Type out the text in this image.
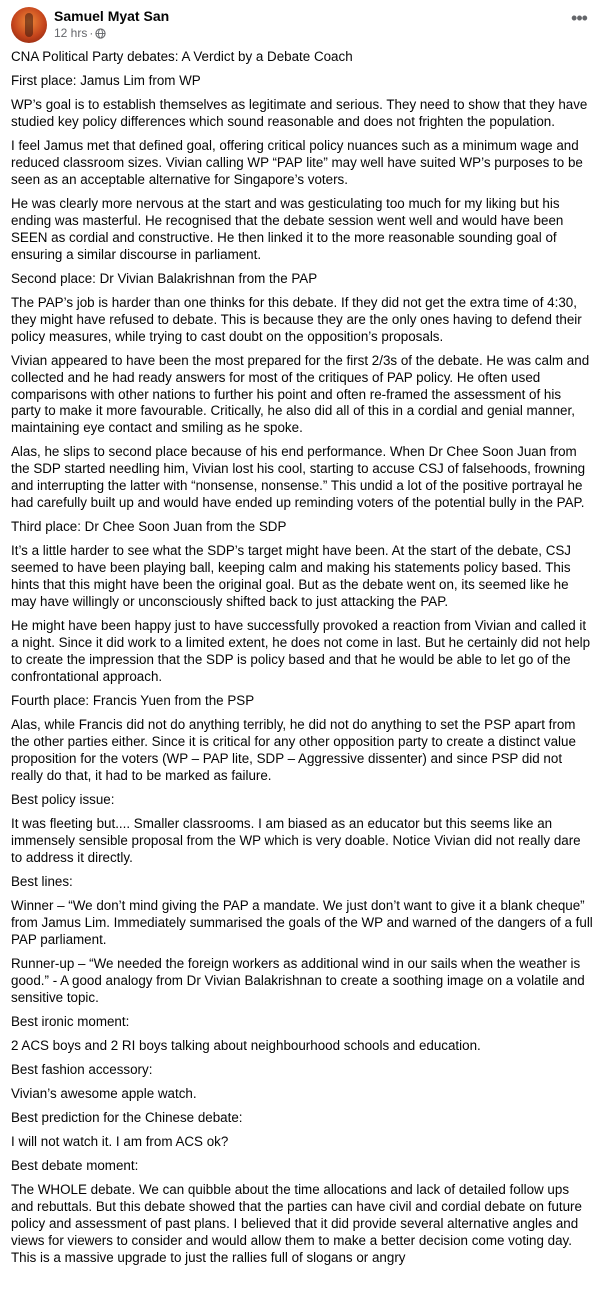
Samuel Myat San
12 hrs ·
•••

CNA Political Party debates: A Verdict by a Debate Coach

First place: Jamus Lim from WP

WP’s goal is to establish themselves as legitimate and serious. They need to show that they have studied key policy differences which sound reasonable and does not frighten the population.

I feel Jamus met that defined goal, offering critical policy nuances such as a minimum wage and reduced classroom sizes. Vivian calling WP “PAP lite” may well have suited WP’s purposes to be seen as an acceptable alternative for Singapore’s voters.

He was clearly more nervous at the start and was gesticulating too much for my liking but his ending was masterful. He recognised that the debate session went well and would have been SEEN as cordial and constructive. He then linked it to the more reasonable sounding goal of ensuring a similar discourse in parliament.

Second place: Dr Vivian Balakrishnan from the PAP

The PAP’s job is harder than one thinks for this debate. If they did not get the extra time of 4:30, they might have refused to debate. This is because they are the only ones having to defend their policy measures, while trying to cast doubt on the opposition’s proposals.

Vivian appeared to have been the most prepared for the first 2/3s of the debate. He was calm and collected and he had ready answers for most of the critiques of PAP policy. He often used comparisons with other nations to further his point and often re-framed the assessment of his party to make it more favourable. Critically, he also did all of this in a cordial and genial manner, maintaining eye contact and smiling as he spoke.

Alas, he slips to second place because of his end performance. When Dr Chee Soon Juan from the SDP started needling him, Vivian lost his cool, starting to accuse CSJ of falsehoods, frowning and interrupting the latter with “nonsense, nonsense.” This undid a lot of the positive portrayal he had carefully built up and would have ended up reminding voters of the potential bully in the PAP.

Third place: Dr Chee Soon Juan from the SDP

It’s a little harder to see what the SDP’s target might have been. At the start of the debate, CSJ seemed to have been playing ball, keeping calm and making his statements policy based. This hints that this might have been the original goal. But as the debate went on, its seemed like he may have willingly or unconsciously shifted back to just attacking the PAP.

He might have been happy just to have successfully provoked a reaction from Vivian and called it a night. Since it did work to a limited extent, he does not come in last. But he certainly did not help to create the impression that the SDP is policy based and that he would be able to let go of the confrontational approach.

Fourth place: Francis Yuen from the PSP

Alas, while Francis did not do anything terribly, he did not do anything to set the PSP apart from the other parties either. Since it is critical for any other opposition party to create a distinct value proposition for the voters (WP – PAP lite, SDP – Aggressive dissenter) and since PSP did not really do that, it had to be marked as failure.

Best policy issue:

It was fleeting but.... Smaller classrooms. I am biased as an educator but this seems like an immensely sensible proposal from the WP which is very doable. Notice Vivian did not really dare to address it directly.

Best lines:

Winner – “We don’t mind giving the PAP a mandate. We just don’t want to give it a blank cheque” from Jamus Lim. Immediately summarised the goals of the WP and warned of the dangers of a full PAP parliament.

Runner-up – “We needed the foreign workers as additional wind in our sails when the weather is good.” - A good analogy from Dr Vivian Balakrishnan to create a soothing image on a volatile and sensitive topic.

Best ironic moment:

2 ACS boys and 2 RI boys talking about neighbourhood schools and education.

Best fashion accessory:

Vivian’s awesome apple watch.

Best prediction for the Chinese debate:

I will not watch it. I am from ACS ok?

Best debate moment:

The WHOLE debate. We can quibble about the time allocations and lack of detailed follow ups and rebuttals. But this debate showed that the parties can have civil and cordial debate on future policy and assessment of past plans. I believed that it did provide several alternative angles and views for viewers to consider and would allow them to make a better decision come voting day. This is a massive upgrade to just the rallies full of slogans or angry
